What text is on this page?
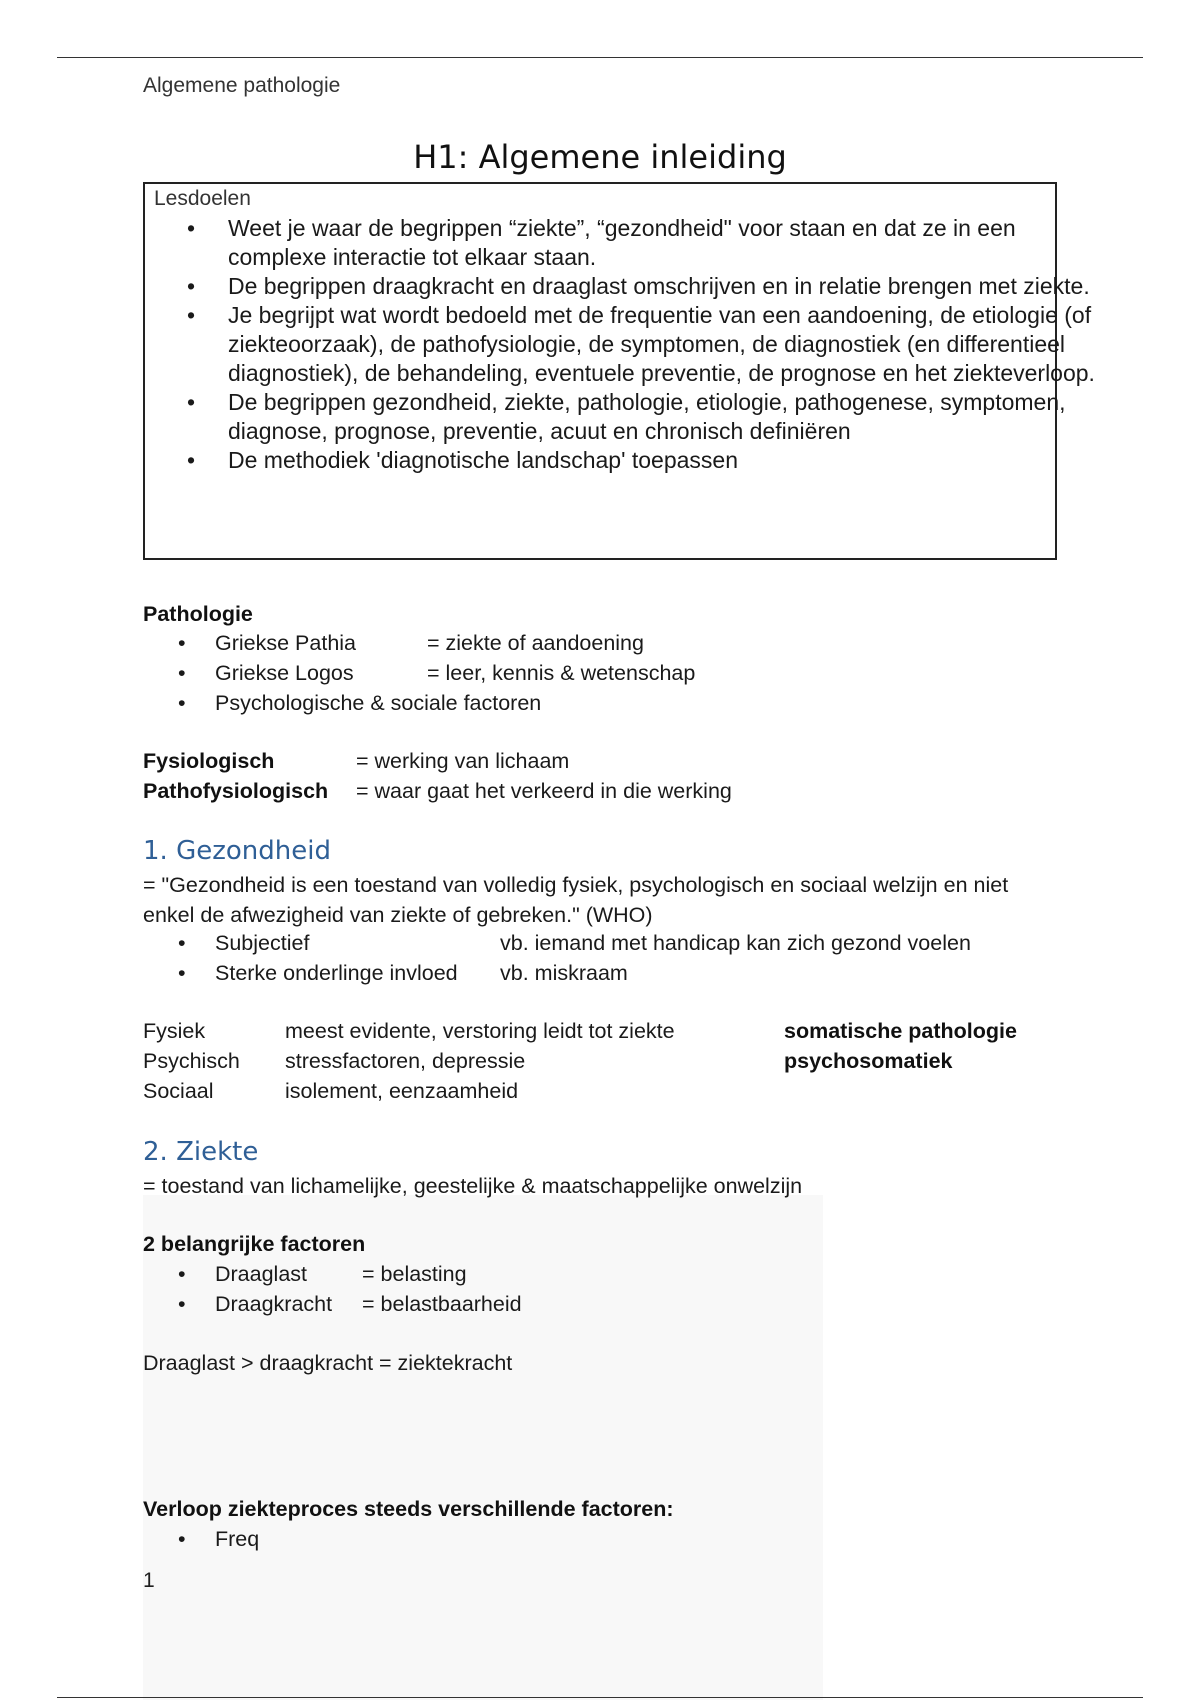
Algemene pathologie
H1: Algemene inleiding
Lesdoelen
• Weet je waar de begrippen “ziekte”, “gezondheid" voor staan en dat ze in een complexe interactie tot elkaar staan.
• De begrippen draagkracht en draaglast omschrijven en in relatie brengen met ziekte.
• Je begrijpt wat wordt bedoeld met de frequentie van een aandoening, de etiologie (of ziekteoorzaak), de pathofysiologie, de symptomen, de diagnostiek (en differentieel diagnostiek), de behandeling, eventuele preventie, de prognose en het ziekteverloop.
• De begrippen gezondheid, ziekte, pathologie, etiologie, pathogenese, symptomen, diagnose, prognose, preventie, acuut en chronisch definiëren
• De methodiek 'diagnotische landschap' toepassen
Pathologie
• Griekse Pathia	= ziekte of aandoening
• Griekse Logos	= leer, kennis & wetenschap
• Psychologische & sociale factoren
Fysiologisch	= werking van lichaam
Pathofysiologisch = waar gaat het verkeerd in die werking
1. Gezondheid
= "Gezondheid is een toestand van volledig fysiek, psychologisch en sociaal welzijn en niet
enkel de afwezigheid van ziekte of gebreken." (WHO)
• Subjectief	vb. iemand met handicap kan zich gezond voelen
• Sterke onderlinge invloed vb. miskraam
Fysiek	meest evidente, verstoring leidt tot ziekte	somatische pathologie
Psychisch stressfactoren, depressie	psychosomatiek
Sociaal	isolement, eenzaamheid
2. Ziekte
= toestand van lichamelijke, geestelijke & maatschappelijke onwelzijn
2 belangrijke factoren
• Draaglast	= belasting
• Draagkracht = belastbaarheid
Draaglast > draagkracht = ziektekracht
Verloop ziekteproces steeds verschillende factoren:
• Freq
1
